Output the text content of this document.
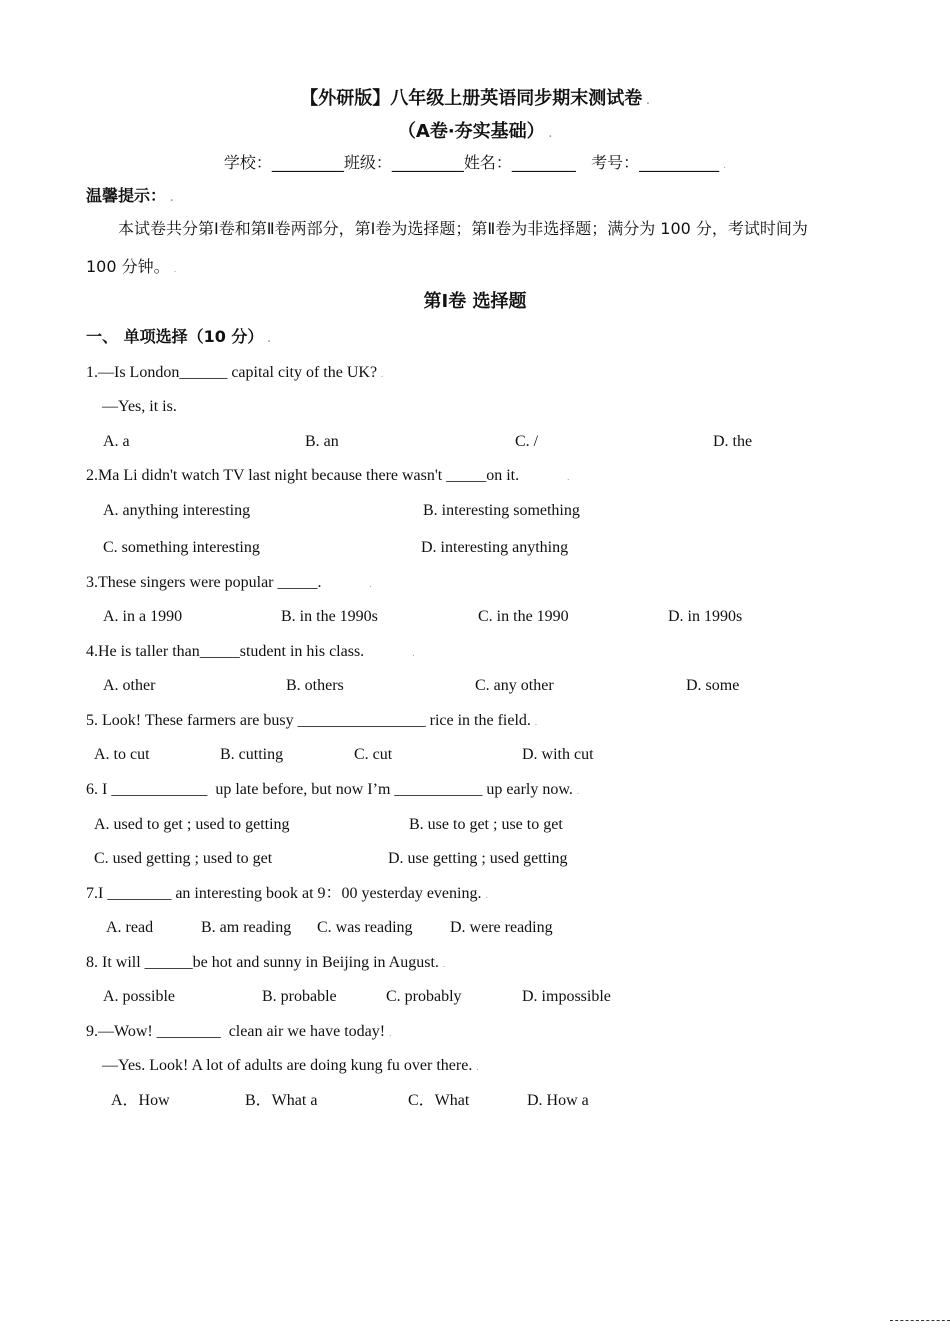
【外研版】八年级上册英语同步期末测试卷 .
（A卷·夯实基础） .
学校：_________班级：_________姓名：________   考号：__________ .
温馨提示： .
本试卷共分第Ⅰ卷和第Ⅱ卷两部分，第Ⅰ卷为选择题；第Ⅱ卷为非选择题；满分为 100 分，考试时间为
100 分钟。 .
第Ⅰ卷 选择题
一、 单项选择（10 分） .
1.—Is London______ capital city of the UK? .
—Yes, it is.
A. a	B. an	C. /	D. the
2.Ma Li didn't watch TV last night because there wasn't _____on it.	.
A. anything interesting	B. interesting something
C. something interesting	D. interesting anything
3.These singers were popular _____.	.
A. in a 1990	B. in the 1990s	C. in the 1990	D. in 1990s
4.He is taller than_____student in his class.	.
A. other	B. others	C. any other	D. some
5. Look! These farmers are busy ________________ rice in the field. .
A. to cut	B. cutting	C. cut	D. with cut
6. I ____________  up late before, but now I’m ___________ up early now. .
A. used to get ; used to getting	B. use to get ; use to get
C. used getting ; used to get	D. use getting ; used getting
7.I ________ an interesting book at 9：00 yesterday evening. .
A. read	B. am reading C. was reading D. were reading
8. It will ______be hot and sunny in Beijing in August. .
A. possible	B. probable	C. probably	D. impossible
9.—Wow! ________  clean air we have today! .
—Yes. Look! A lot of adults are doing kung fu over there. .
A．How	B．What a	C．What	D. How a
